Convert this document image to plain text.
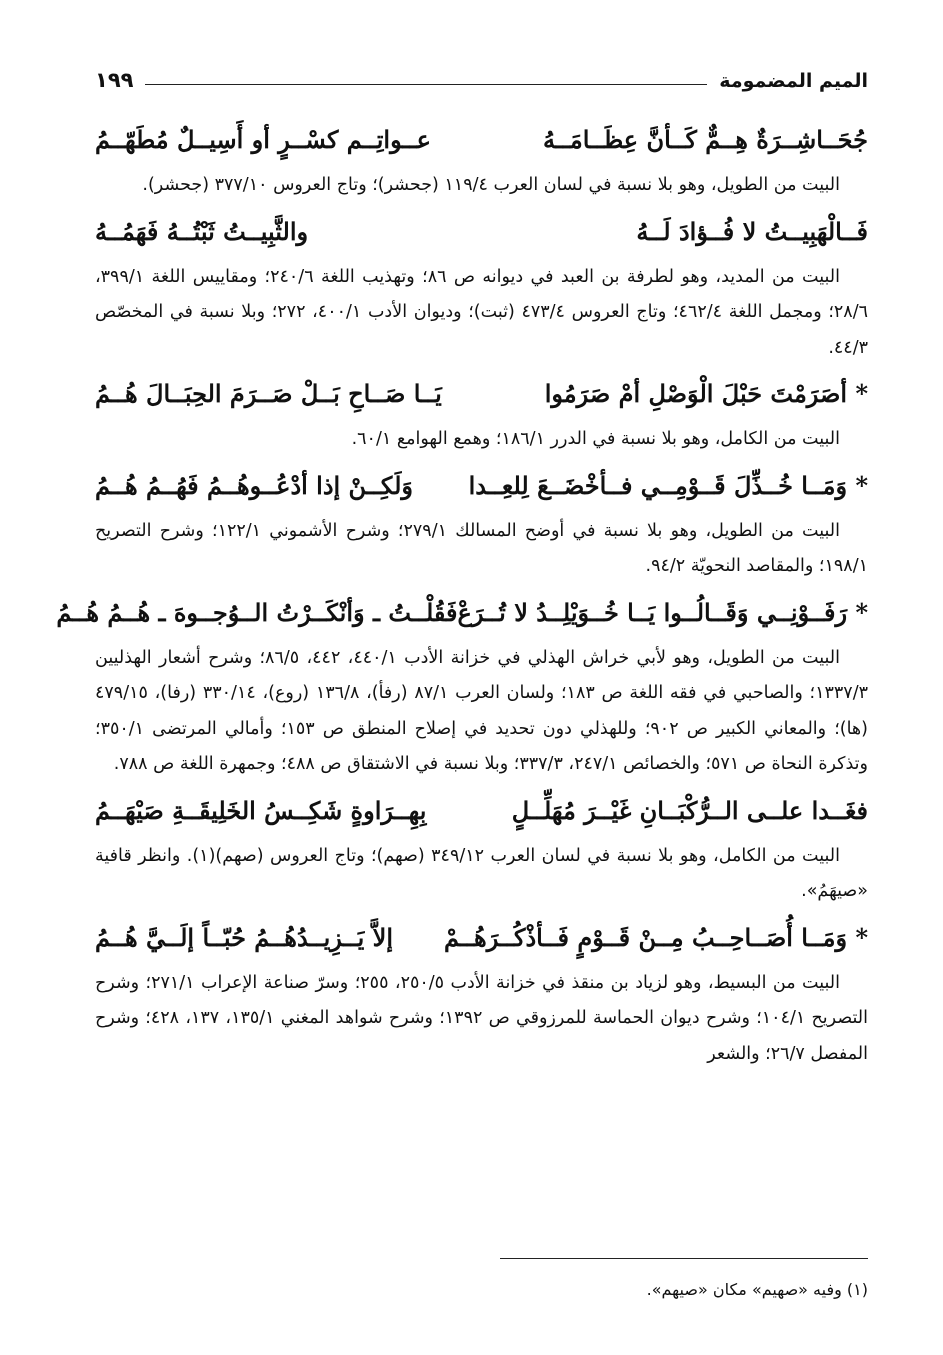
الميم المضمومة
١٩٩
جُحَــاشِــرَةٌ هِــمٌّ كَــأنَّ عِظَــامَــهُ
عــواتِــم كسْــرٍ أو أَسِيــلٌ مُطَهّــمُ

البيت من الطويل، وهو بلا نسبة في لسان العرب ١١٩/٤ (جحشر)؛ وتاج العروس ٣٧٧/١٠ (جحشر).

فَــالْهَبِيــتُ لا فُــؤادَ لَــهُ
والثَّبِيــتُ ثَبْتُــهُ فَهَمُــهُ

البيت من المديد، وهو لطرفة بن العبد في ديوانه ص ٨٦؛ وتهذيب اللغة ٢٤٠/٦؛ ومقاييس اللغة ٣٩٩/١، ٢٨/٦؛ ومجمل اللغة ٤٦٢/٤؛ وتاج العروس ٤٧٣/٤ (ثبت)؛ وديوان الأدب ٤٠٠/١، ٢٧٢؛ وبلا نسبة في المخصّص ٤٤/٣.

* أصَرَمْتَ حَبْلَ الْوَصْلِ أمْ صَرَمُوا
يَــا صَــاحِ بَــلْ صَــرَمَ الحِبَــالَ هُــمُ

البيت من الكامل، وهو بلا نسبة في الدرر ١٨٦/١؛ وهمع الهوامع ٦٠/١.

* وَمَــا خُــذِّلَ قَــوْمِــي فــأخْضَــعَ لِلعِــدا
وَلَكِــنْ إذا أدْعُــوهُــمُ فَهُــمُ هُــمُ

البيت من الطويل، وهو بلا نسبة في أوضح المسالك ٢٧٩/١؛ وشرح الأشموني ١٢٢/١؛ وشرح التصريح ١٩٨/١؛ والمقاصد النحويّة ٩٤/٢.

* رَفَــوْنِــي وَقَــالُــوا يَــا خُــوَيْلِــدُ لا تُــرَعْ
فَقُلْــتُ ـ وَأنْكَــرْتُ الــوُجــوهَ ـ هُــمُ هُــمُ

البيت من الطويل، وهو لأبي خراش الهذلي في خزانة الأدب ٤٤٠/١، ٤٤٢، ٨٦/٥؛ وشرح أشعار الهذليين ١٣٣٧/٣؛ والصاحبي في فقه اللغة ص ١٨٣؛ ولسان العرب ٨٧/١ (رفأ)، ١٣٦/٨ (روع)، ٣٣٠/١٤ (رفا)، ٤٧٩/١٥ (ها)؛ والمعاني الكبير ص ٩٠٢؛ وللهذلي دون تحديد في إصلاح المنطق ص ١٥٣؛ وأمالي المرتضى ٣٥٠/١؛ وتذكرة النحاة ص ٥٧١؛ والخصائص ٢٤٧/١، ٣٣٧/٣؛ وبلا نسبة في الاشتقاق ص ٤٨٨؛ وجمهرة اللغة ص ٧٨٨.

فغَــدا علــى الــرُّكْبَــانِ غَيْــرَ مُهَلِّــلٍ
بِهِــرَاوةٍ شَكِــسُ الخَلِيقَــةِ صَيْهَــمُ

البيت من الكامل، وهو بلا نسبة في لسان العرب ٣٤٩/١٢ (صهم)؛ وتاج العروس (صهم)(١). وانظر قافية «صيهَمُ».

* وَمَــا أُصَــاحِــبُ مِــنْ قَــوْمٍ فَــأذْكُــرَهُــمْ
إلاَّ يَــزِيــدُهُــمُ حُبّــاً إلَــيَّ هُــمُ

البيت من البسيط، وهو لزياد بن منقذ في خزانة الأدب ٢٥٠/٥، ٢٥٥؛ وسرّ صناعة الإعراب ٢٧١/١؛ وشرح التصريح ١٠٤/١؛ وشرح ديوان الحماسة للمرزوقي ص ١٣٩٢؛ وشرح شواهد المغني ١٣٥/١، ١٣٧، ٤٢٨؛ وشرح المفصل ٢٦/٧؛ والشعر

(١) وفيه «صهيم» مكان «صيهم».
